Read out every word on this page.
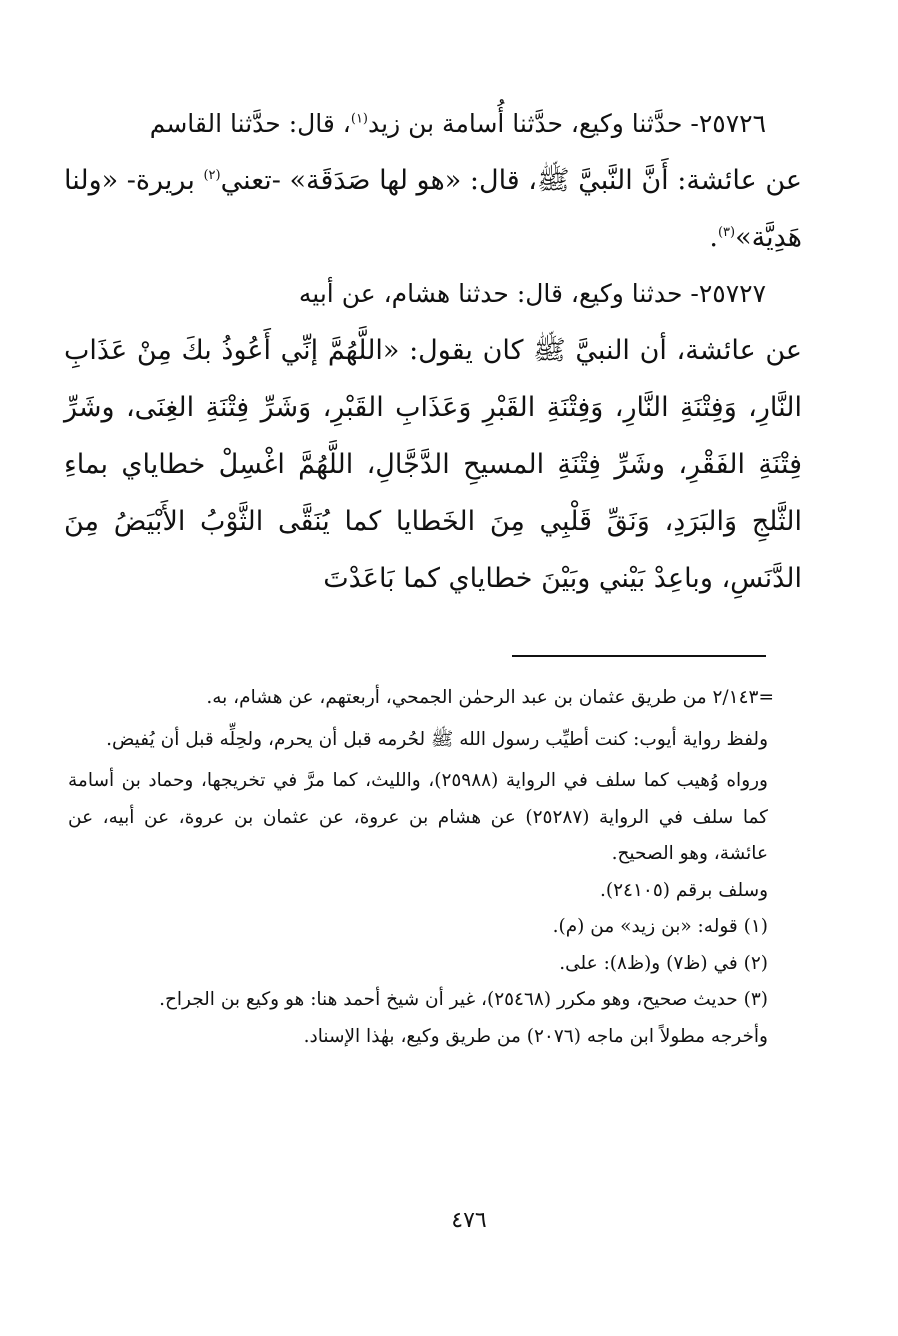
٢٥٧٢٦- حدَّثنا وكيع، حدَّثنا أُسامة بن زيد$^{(١)}$، قال: حدَّثنا القاسم

عن عائشة: أَنَّ النَّبيَّ ﷺ، قال: «هو لها صَدَقَة» -تعني$^{(٢)}$ بريرة- «ولنا هَدِيَّة»$^{(٣)}$.

٢٥٧٢٧- حدثنا وكيع، قال: حدثنا هشام، عن أبيه

عن عائشة، أن النبيَّ ﷺ كان يقول: «اللَّهُمَّ إنِّي أَعُوذُ بكَ مِنْ عَذَابِ النَّارِ، وَفِتْنَةِ النَّارِ، وَفِتْنَةِ القَبْرِ وَعَذَابِ القَبْرِ، وَشَرِّ فِتْنَةِ الغِنَى، وشَرِّ فِتْنَةِ الفَقْرِ، وشَرِّ فِتْنَةِ المسيحِ الدَّجَّالِ، اللَّهُمَّ اغْسِلْ خطاياي بماءِ الثَّلجِ وَالبَرَدِ، وَنَقِّ قَلْبِي مِنَ الخَطايا كما يُنَقَّى الثَّوْبُ الأَبْيَضُ مِنَ الدَّنَسِ، وباعِدْ بَيْني وبَيْنَ خطاياي كما بَاعَدْتَ

=٢/١٤٣ من طريق عثمان بن عبد الرحمٰن الجمحي، أربعتهم، عن هشام، به.

ولفظ رواية أيوب: كنت أطيِّب رسول الله ﷺ لحُرمه قبل أن يحرم، ولحِلِّه قبل أن يُفيض.

ورواه وُهيب كما سلف في الرواية (٢٥٩٨٨)، والليث، كما مرَّ في تخريجها، وحماد بن أسامة كما سلف في الرواية (٢٥٢٨٧) عن هشام بن عروة، عن عثمان بن عروة، عن أبيه، عن عائشة، وهو الصحيح.

وسلف برقم (٢٤١٠٥).

(١) قوله: «بن زيد» من (م).

(٢) في (ظ٧) و(ظ٨): على.

(٣) حديث صحيح، وهو مكرر (٢٥٤٦٨)، غير أن شيخ أحمد هنا: هو وكيع بن الجراح.

وأخرجه مطولاً ابن ماجه (٢٠٧٦) من طريق وكيع، بهٰذا الإسناد.

٤٧٦
